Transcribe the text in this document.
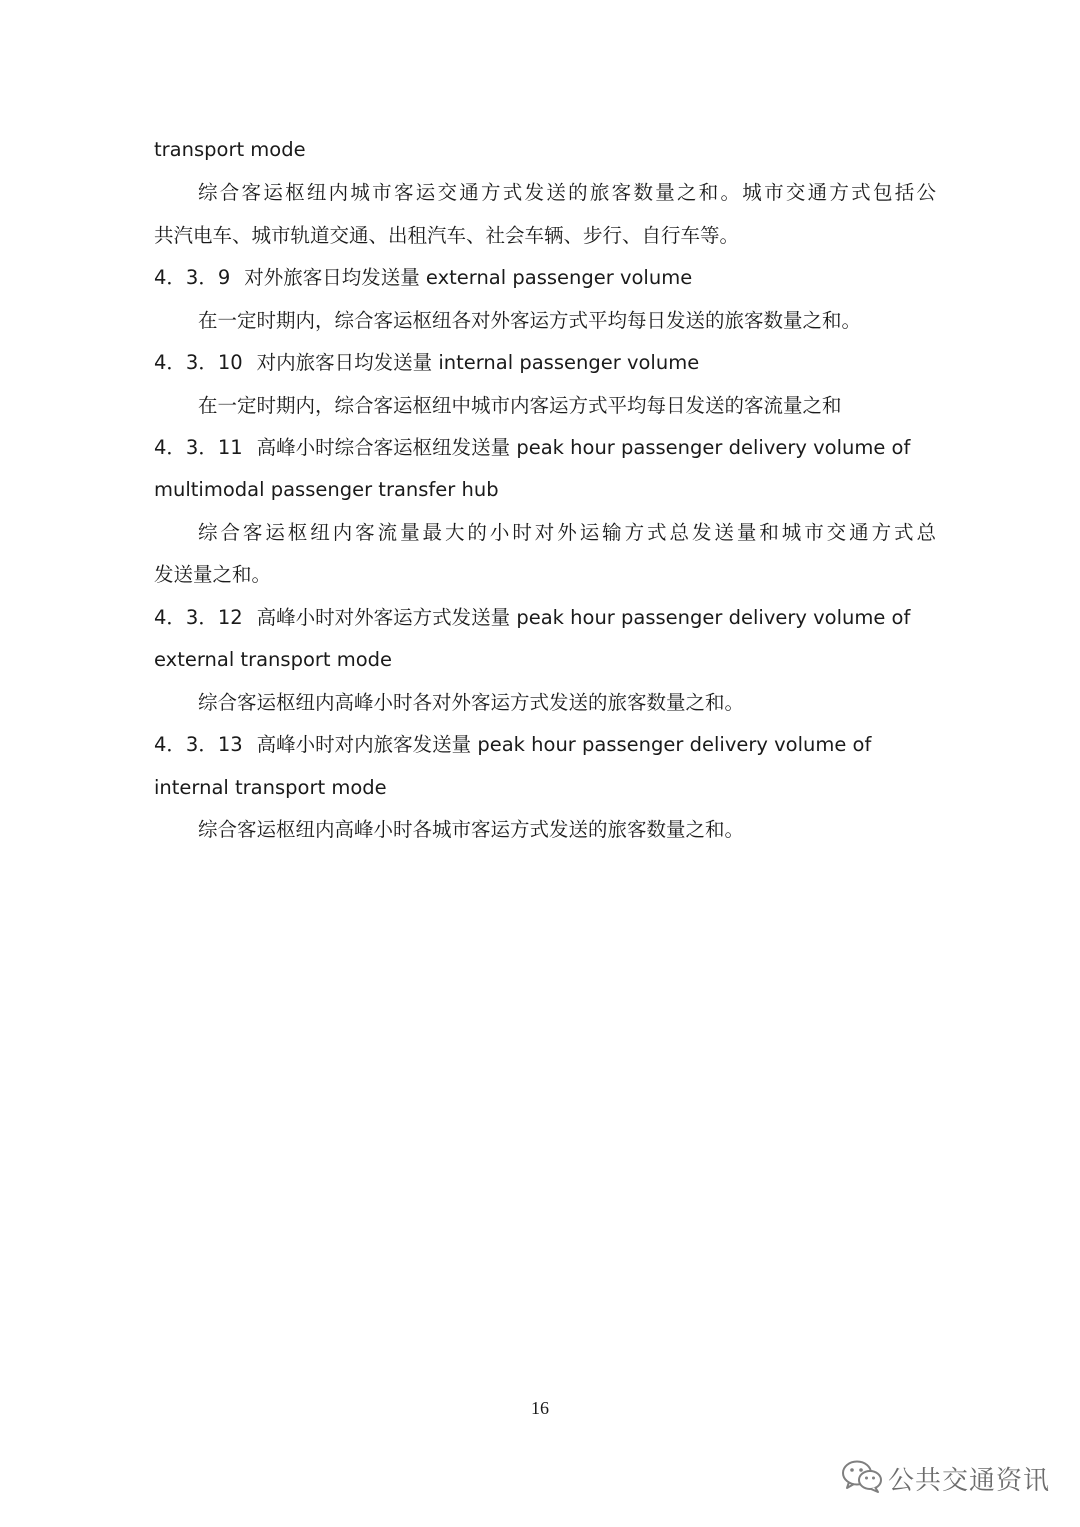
transport mode
综合客运枢纽内城市客运交通方式发送的旅客数量之和。城市交通方式包括公
共汽电车、城市轨道交通、出租汽车、社会车辆、步行、自行车等。
4．3．9 对外旅客日均发送量 external passenger volume
在一定时期内，综合客运枢纽各对外客运方式平均每日发送的旅客数量之和。
4．3．10 对内旅客日均发送量 internal passenger volume
在一定时期内，综合客运枢纽中城市内客运方式平均每日发送的客流量之和
4．3．11 高峰小时综合客运枢纽发送量 peak hour passenger delivery volume of
multimodal passenger transfer hub
综合客运枢纽内客流量最大的小时对外运输方式总发送量和城市交通方式总
发送量之和。
4．3．12 高峰小时对外客运方式发送量 peak hour passenger delivery volume of
external transport mode
综合客运枢纽内高峰小时各对外客运方式发送的旅客数量之和。
4．3．13 高峰小时对内旅客发送量 peak hour passenger delivery volume of
internal transport mode
综合客运枢纽内高峰小时各城市客运方式发送的旅客数量之和。
16
公共交通资讯
